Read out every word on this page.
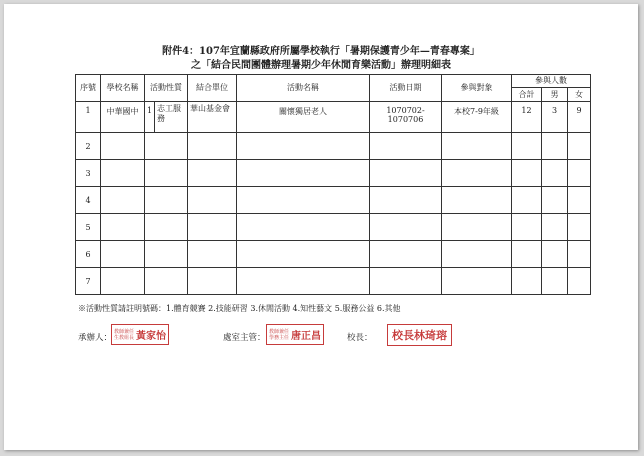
附件4：107年宜蘭縣政府所屬學校執行「暑期保護青少年—青春專案」
之「結合民間團體辦理暑期少年休閒育樂活動」辦理明細表
序號	學校名稱	活動性質		結合單位	活動名稱	活動日期	參與對象	參與人數		
								合計	男	女
1	中華國中	1	志工服務	華山基金會	關懷獨居老人	1070702-1070706	本校7-9年級	12	3	9
2										
3										
4										
5										
6										
7										
※活動性質請註明號碼：1.體育競賽 2.技能研習 3.休閒活動 4.知性藝文 5.服務公益 6.其他
承辦人：
教師兼任
生教組長 黃家怡	處室主管：
教師兼任
學務主任 唐正昌	校長： 校長林琦瑢
